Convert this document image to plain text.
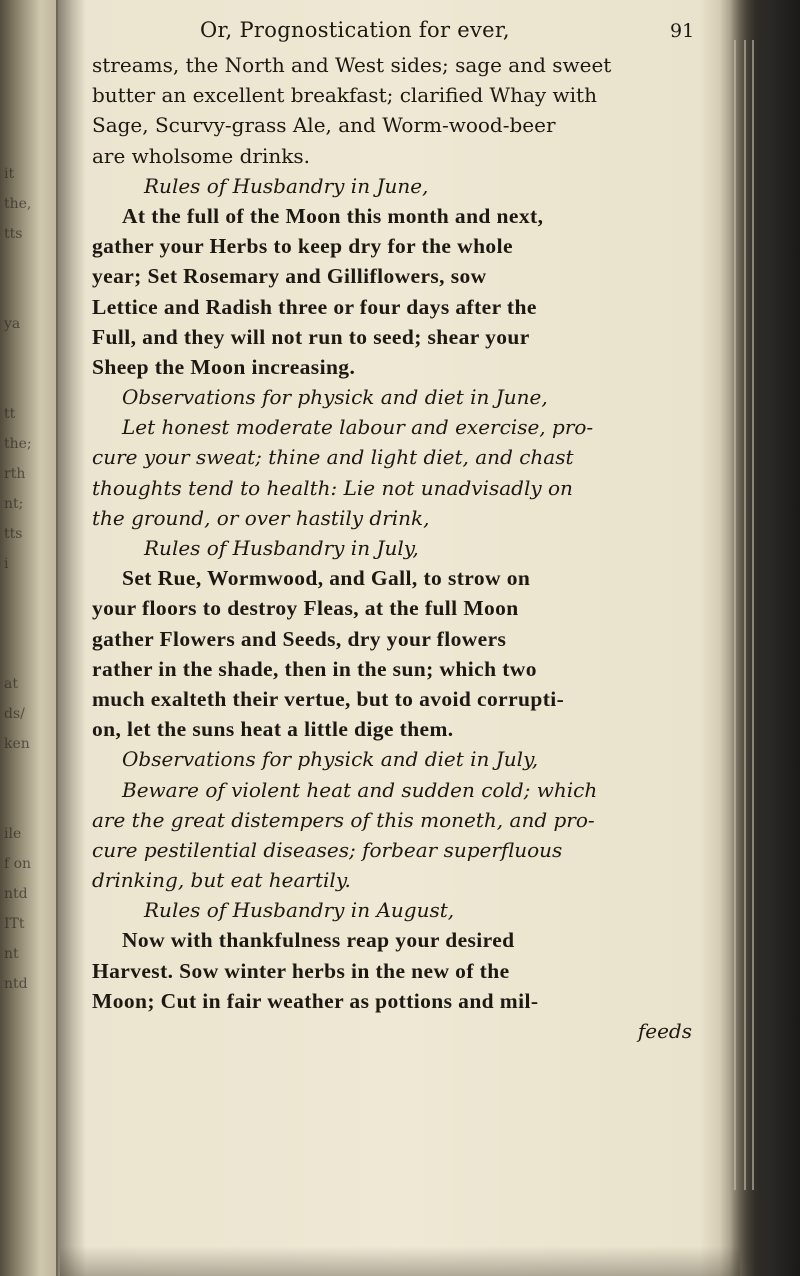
it
the,
tts
ya
tt
the;
rth
nt;
tts
i
at
ds/
ken
ile
f on
ntd
ITt
nt
ntd
Or, Prognostication for ever,	91
streams, the North and West sides; sage and sweet
butter an excellent breakfast; clarified Whay with
Sage, Scurvy-grass Ale, and Worm-wood-beer
are wholsome drinks.
Rules of Husbandry in June,
At the full of the Moon this month and next,
gather your Herbs to keep dry for the whole
year; Set Rosemary and Gilliflowers, sow
Lettice and Radish three or four days after the
Full, and they will not run to seed; shear your
Sheep the Moon increasing.
Observations for physick and diet in June,
Let honest moderate labour and exercise, pro-
cure your sweat; thine and light diet, and chast
thoughts tend to health: Lie not unadvisadly on
the ground, or over hastily drink,
Rules of Husbandry in July,
Set Rue, Wormwood, and Gall, to strow on
your floors to destroy Fleas, at the full Moon
gather Flowers and Seeds, dry your flowers
rather in the shade, then in the sun; which two
much exalteth their vertue, but to avoid corrupti-
on, let the suns heat a little dige them.
Observations for physick and diet in July,
Beware of violent heat and sudden cold; which
are the great distempers of this moneth, and pro-
cure pestilential diseases; forbear superfluous
drinking, but eat heartily.
Rules of Husbandry in August,
Now with thankfulness reap your desired
Harvest. Sow winter herbs in the new of the
Moon; Cut in fair weather as pottions and mil-
feeds
